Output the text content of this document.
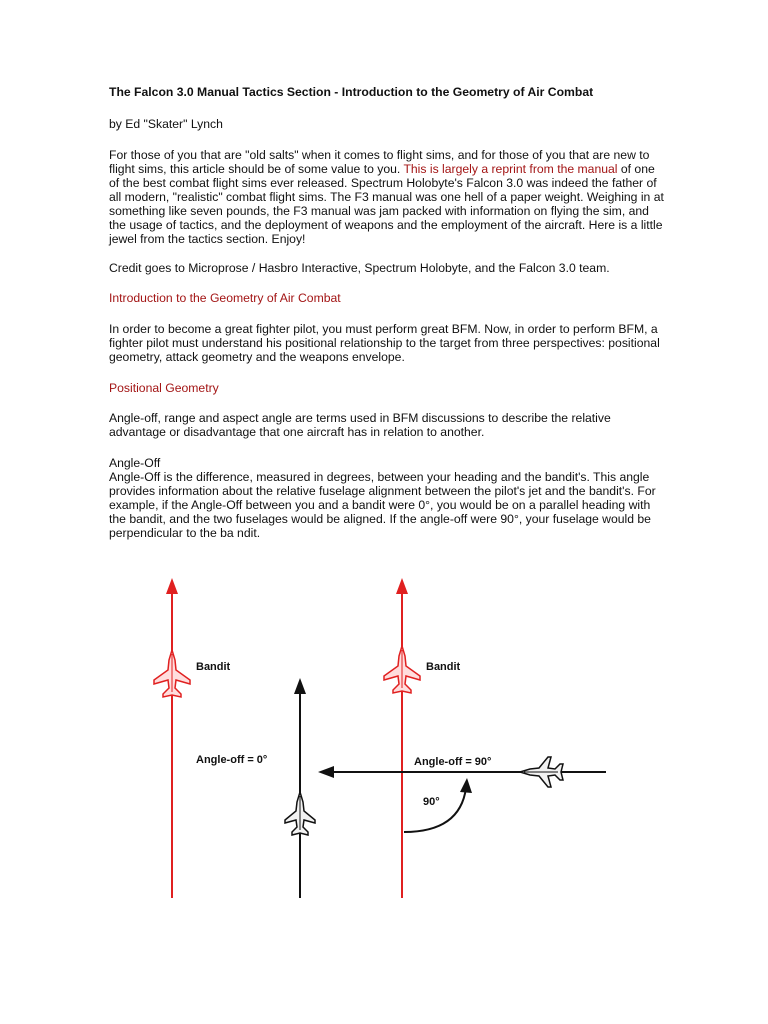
The Falcon 3.0 Manual Tactics Section - Introduction to the Geometry of Air Combat
by Ed "Skater" Lynch
For those of you that are "old salts" when it comes to flight sims, and for those of you that are new to flight sims, this article should be of some value to you. This is largely a reprint from the manual of one of the best combat flight sims ever released. Spectrum Holobyte's Falcon 3.0 was indeed the father of all modern, "realistic" combat flight sims. The F3 manual was one hell of a paper weight. Weighing in at something like seven pounds, the F3 manual was jam packed with information on flying the sim, and the usage of tactics, and the deployment of weapons and the employment of the aircraft. Here is a little jewel from the tactics section. Enjoy!
Credit goes to Microprose / Hasbro Interactive, Spectrum Holobyte, and the Falcon 3.0 team.
Introduction to the Geometry of Air Combat
In order to become a great fighter pilot, you must perform great BFM. Now, in order to perform BFM, a fighter pilot must understand his positional relationship to the target from three perspectives: positional geometry, attack geometry and the weapons envelope.
Positional Geometry
Angle-off, range and aspect angle are terms used in BFM discussions to describe the relative advantage or disadvantage that one aircraft has in relation to another.
Angle-Off
Angle-Off is the difference, measured in degrees, between your heading and the bandit's. This angle provides information about the relative fuselage alignment between the pilot's jet and the bandit's. For example, if the Angle-Off between you and a bandit were 0°, you would be on a parallel heading with the bandit, and the two fuselages would be aligned. If the angle-off were 90°, your fuselage would be perpendicular to the ba ndit.
Bandit
Angle-off = 0°
Bandit
Angle-off = 90°
90°
